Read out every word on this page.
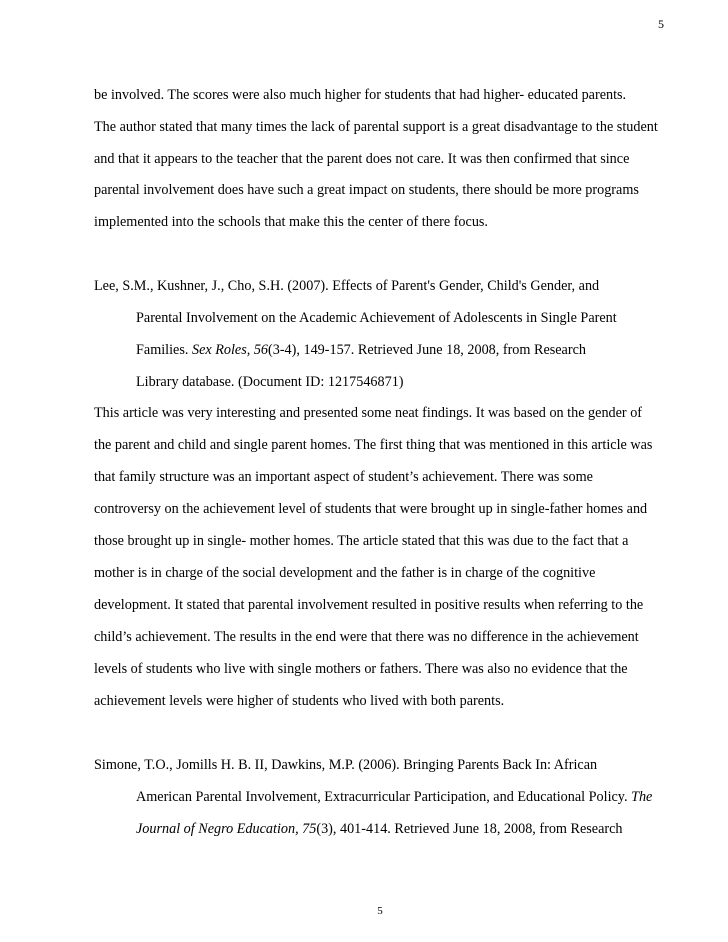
5
be involved. The scores were also much higher for students that had higher- educated parents.
The author stated that many times the lack of parental support is a great disadvantage to the student
and that it appears to the teacher that the parent does not care. It was then confirmed that since
parental involvement does have such a great impact on students, there should be more programs
implemented into the schools that make this the center of there focus.
Lee, S.M., Kushner, J., Cho, S.H. (2007). Effects of Parent's Gender, Child's Gender, and
Parental Involvement on the Academic Achievement of Adolescents in Single Parent
Families. Sex Roles, 56(3-4), 149-157. Retrieved June 18, 2008, from Research
Library database. (Document ID: 1217546871)
This article was very interesting and presented some neat findings. It was based on the gender of
the parent and child and single parent homes. The first thing that was mentioned in this article was
that family structure was an important aspect of student’s achievement. There was some
controversy on the achievement level of students that were brought up in single-father homes and
those brought up in single- mother homes. The article stated that this was due to the fact that a
mother is in charge of the social development and the father is in charge of the cognitive
development. It stated that parental involvement resulted in positive results when referring to the
child’s achievement. The results in the end were that there was no difference in the achievement
levels of students who live with single mothers or fathers. There was also no evidence that the
achievement levels were higher of students who lived with both parents.
Simone, T.O., Jomills H. B. II, Dawkins, M.P. (2006). Bringing Parents Back In: African
American Parental Involvement, Extracurricular Participation, and Educational Policy. The
Journal of Negro Education, 75(3), 401-414. Retrieved June 18, 2008, from Research
5
